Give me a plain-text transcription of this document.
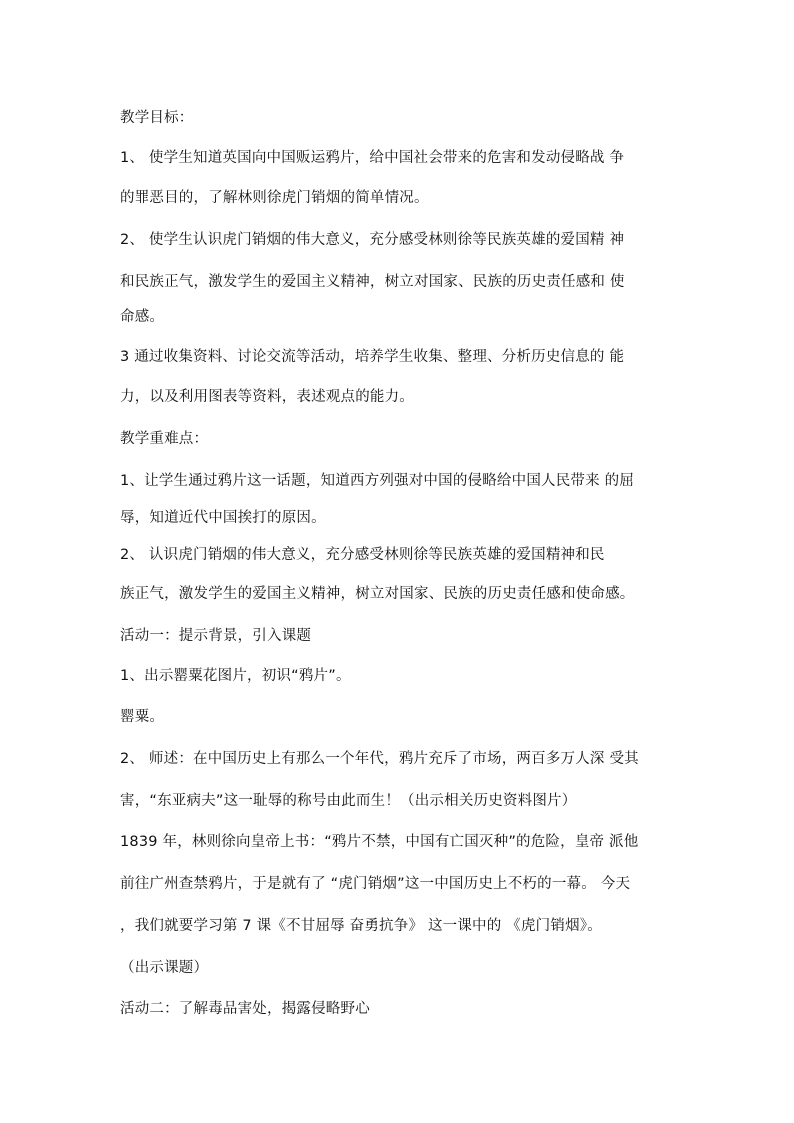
教学目标：
1、 使学生知道英国向中国贩运鸦片，给中国社会带来的危害和发动侵略战 争
的罪恶目的，了解林则徐虎门销烟的简单情况。
2、 使学生认识虎门销烟的伟大意义，充分感受林则徐等民族英雄的爱国精 神
和民族正气，激发学生的爱国主义精神，树立对国家、民族的历史责任感和 使
命感。
3 通过收集资料、讨论交流等活动，培养学生收集、整理、分析历史信息的 能
力，以及利用图表等资料，表述观点的能力。
教学重难点：
1、让学生通过鸦片这一话题，知道西方列强对中国的侵略给中国人民带来 的屈
辱，知道近代中国挨打的原因。
2、 认识虎门销烟的伟大意义，充分感受林则徐等民族英雄的爱国精神和民
族正气，激发学生的爱国主义精神，树立对国家、民族的历史责任感和使命感。
活动一：提示背景，引入课题
1、出示罂粟花图片，初识“鸦片”。
罂粟。
2、 师述：在中国历史上有那么一个年代，鸦片充斥了市场，两百多万人深 受其
害，“东亚病夫”这一耻辱的称号由此而生！（出示相关历史资料图片）
1839 年，林则徐向皇帝上书：“鸦片不禁，中国有亡国灭种”的危险，皇帝 派他
前往广州查禁鸦片，于是就有了 “虎门销烟”这一中国历史上不朽的一幕。 今天
，我们就要学习第 7 课《不甘屈辱 奋勇抗争》 这一课中的 《虎门销烟》。
（出示课题）
活动二：了解毒品害处，揭露侵略野心
